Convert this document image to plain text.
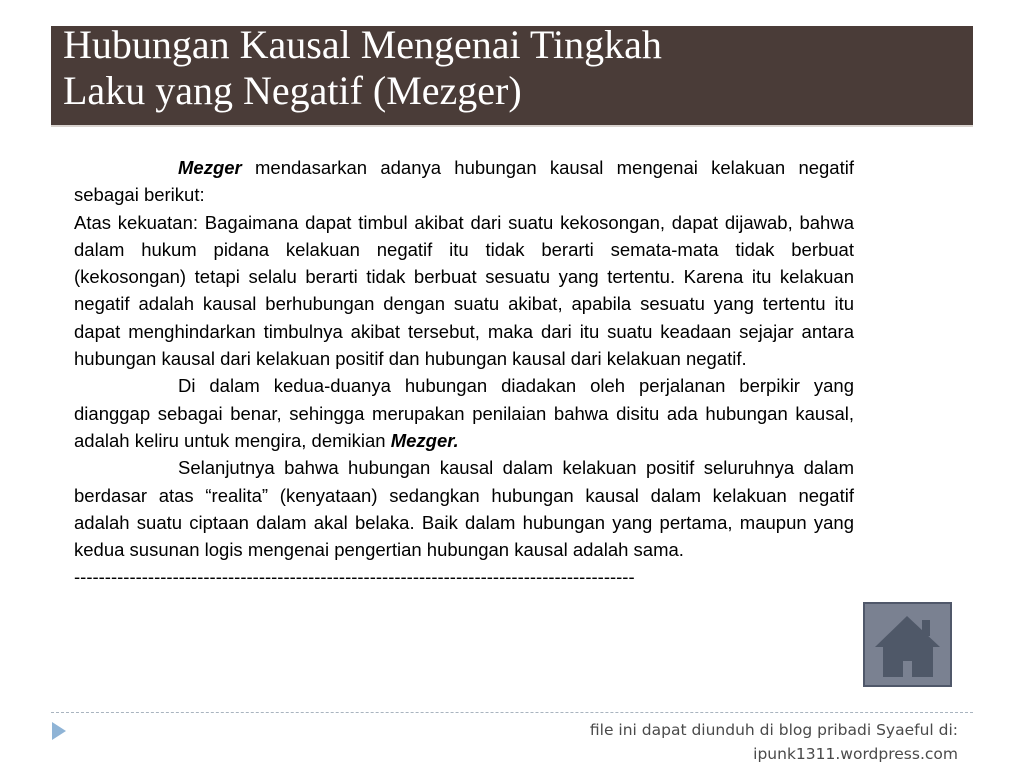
Hubungan Kausal Mengenai Tingkah
Laku yang Negatif (Mezger)

Mezger mendasarkan adanya hubungan kausal mengenai kelakuan negatif sebagai berikut:

Atas kekuatan: Bagaimana dapat timbul akibat dari suatu kekosongan, dapat dijawab, bahwa dalam hukum pidana kelakuan negatif itu tidak berarti semata-mata tidak berbuat (kekosongan) tetapi selalu berarti tidak berbuat sesuatu yang tertentu. Karena itu kelakuan negatif adalah kausal berhubungan dengan suatu akibat, apabila sesuatu yang tertentu itu dapat menghindarkan timbulnya akibat tersebut, maka dari itu suatu keadaan sejajar antara hubungan kausal dari kelakuan positif dan hubungan kausal dari kelakuan negatif.

Di dalam kedua-duanya hubungan diadakan oleh perjalanan berpikir yang dianggap sebagai benar, sehingga merupakan penilaian bahwa disitu ada hubungan kausal, adalah keliru untuk mengira, demikian Mezger.

Selanjutnya bahwa hubungan kausal dalam kelakuan positif seluruhnya dalam berdasar atas “realita” (kenyataan) sedangkan hubungan kausal dalam kelakuan negatif adalah suatu ciptaan dalam akal belaka. Baik dalam hubungan yang pertama, maupun yang kedua susunan logis mengenai pengertian hubungan kausal adalah sama.

-------------------------------------------------------------------------------------------

file ini dapat diunduh di blog pribadi Syaeful di:
ipunk1311.wordpress.com
